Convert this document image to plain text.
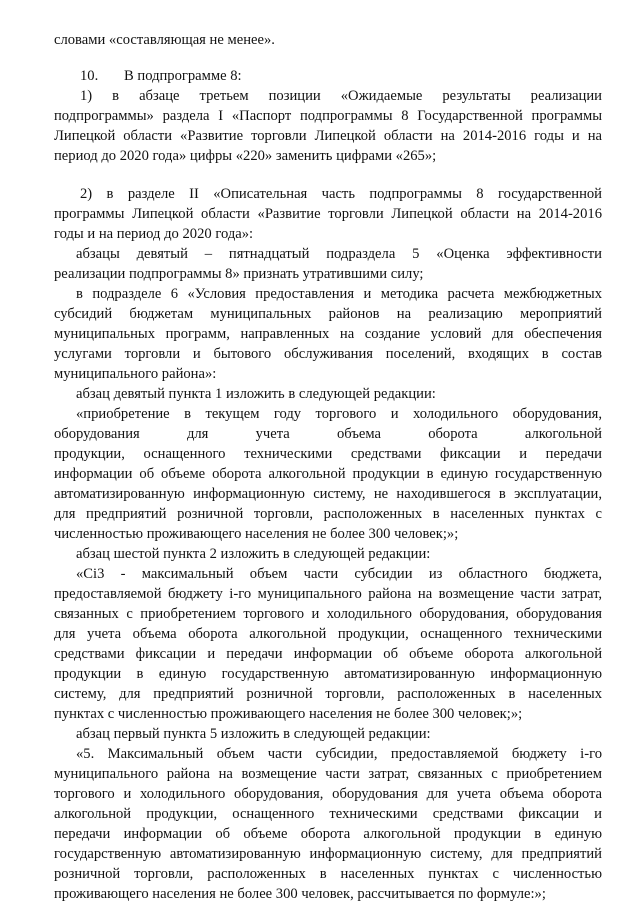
словами «составляющая не менее».
10. В подпрограмме 8:
1) в абзаце третьем позиции «Ожидаемые результаты реализации
подпрограммы» раздела I «Паспорт подпрограммы 8 Государственной программы
Липецкой области «Развитие торговли Липецкой области на 2014-2016 годы и на
период до 2020 года» цифры «220» заменить цифрами «265»;
2) в разделе II «Описательная часть подпрограммы 8 государственной
программы Липецкой области «Развитие торговли Липецкой области на 2014-2016
годы и на период до 2020 года»:
абзацы девятый – пятнадцатый подраздела 5 «Оценка эффективности
реализации подпрограммы 8» признать утратившими силу;
в подразделе 6 «Условия предоставления и методика расчета межбюджетных
субсидий бюджетам муниципальных районов на реализацию мероприятий
муниципальных программ, направленных на создание условий для обеспечения
услугами торговли и бытового обслуживания поселений, входящих в состав
муниципального района»:
абзац девятый пункта 1 изложить в следующей редакции:
«приобретение в текущем году торгового и холодильного оборудования,
оборудования для учета объема оборота алкогольной
продукции, оснащенного техническими средствами фиксации и передачи
информации об объеме оборота алкогольной продукции в единую государственную
автоматизированную информационную систему, не находившегося в эксплуатации,
для предприятий розничной торговли, расположенных в населенных пунктах с
численностью проживающего населения не более 300 человек;»;
абзац шестой пункта 2 изложить в следующей редакции:
«Сi3 - максимальный объем части субсидии из областного бюджета,
предоставляемой бюджету i-го муниципального района на возмещение части затрат,
связанных с приобретением торгового и холодильного оборудования, оборудования
для учета объема оборота алкогольной продукции, оснащенного техническими
средствами фиксации и передачи информации об объеме оборота алкогольной
продукции в единую государственную автоматизированную информационную
систему, для предприятий розничной торговли, расположенных в населенных
пунктах с численностью проживающего населения не более 300 человек;»;
абзац первый пункта 5 изложить в следующей редакции:
«5. Максимальный объем части субсидии, предоставляемой бюджету i-го
муниципального района на возмещение части затрат, связанных с приобретением
торгового и холодильного оборудования, оборудования для учета объема оборота
алкогольной продукции, оснащенного техническими средствами фиксации и
передачи информации об объеме оборота алкогольной продукции в единую
государственную автоматизированную информационную систему, для предприятий
розничной торговли, расположенных в населенных пунктах с численностью
проживающего населения не более 300 человек, рассчитывается по формуле:»;
